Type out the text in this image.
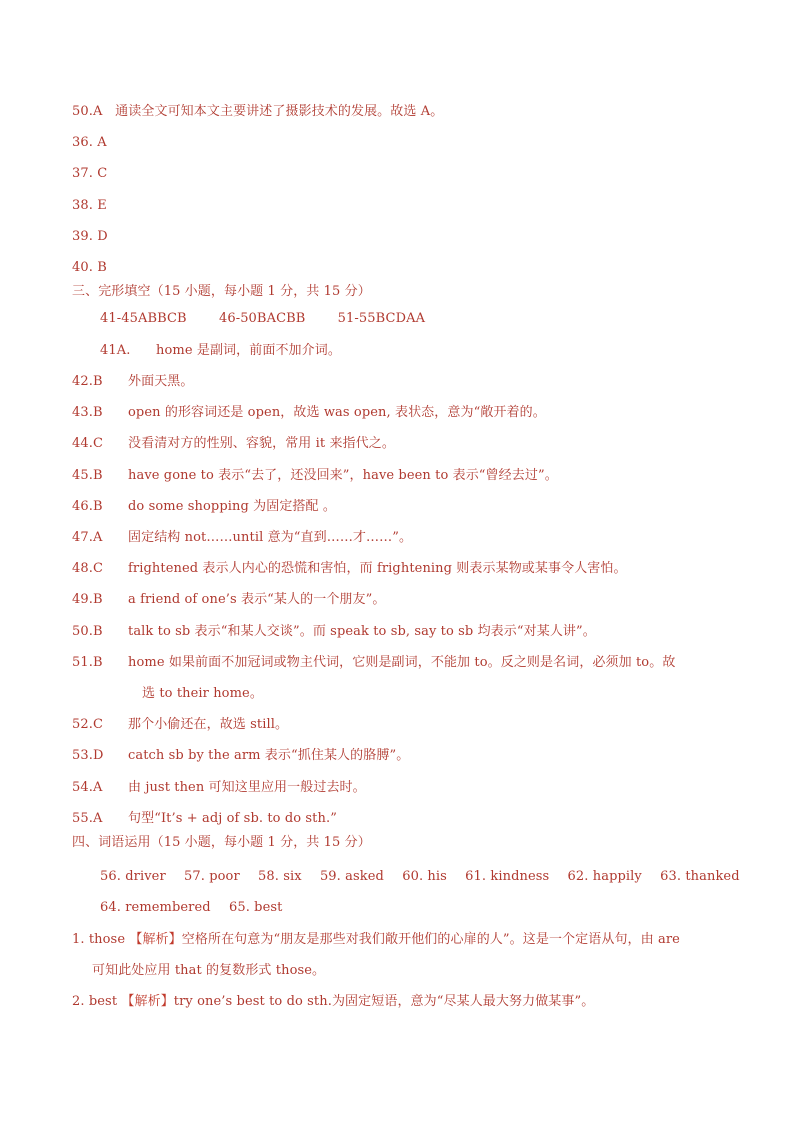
50.A 通读全文可知本文主要讲述了摄影技术的发展。故选 A。
36. A
37. C
38. E
39. D
40. B
三、完形填空（15 小题，每小题 1 分，共 15 分）
41-45ABBCB 46-50BACBB 51-55BCDAA
41A. home 是副词，前面不加介词。
42.B 外面天黑。
43.B open 的形容词还是 open，故选 was open, 表状态，意为“敞开着的。
44.C 没看清对方的性别、容貌，常用 it 来指代之。
45.B have gone to 表示“去了，还没回来”，have been to 表示“曾经去过”。
46.B do some shopping 为固定搭配 。
47.A 固定结构 not……until 意为“直到……才……”。
48.C frightened 表示人内心的恐慌和害怕，而 frightening 则表示某物或某事令人害怕。
49.B a friend of one’s 表示“某人的一个朋友”。
50.B talk to sb 表示“和某人交谈”。而 speak to sb, say to sb 均表示“对某人讲”。
51.B home 如果前面不加冠词或物主代词，它则是副词，不能加 to。反之则是名词，必须加 to。故
选 to their home。
52.C 那个小偷还在，故选 still。
53.D catch sb by the arm 表示“抓住某人的胳膊”。
54.A 由 just then 可知这里应用一般过去时。
55.A 句型“It’s + adj of sb. to do sth.”
四、词语运用（15 小题，每小题 1 分，共 15 分）
56. driver 57. poor 58. six 59. asked 60. his 61. kindness 62. happily 63. thanked
64. remembered 65. best
1. those 【解析】空格所在句意为“朋友是那些对我们敞开他们的心扉的人”。这是一个定语从句，由 are
可知此处应用 that 的复数形式 those。
2. best 【解析】try one’s best to do sth.为固定短语，意为“尽某人最大努力做某事”。
